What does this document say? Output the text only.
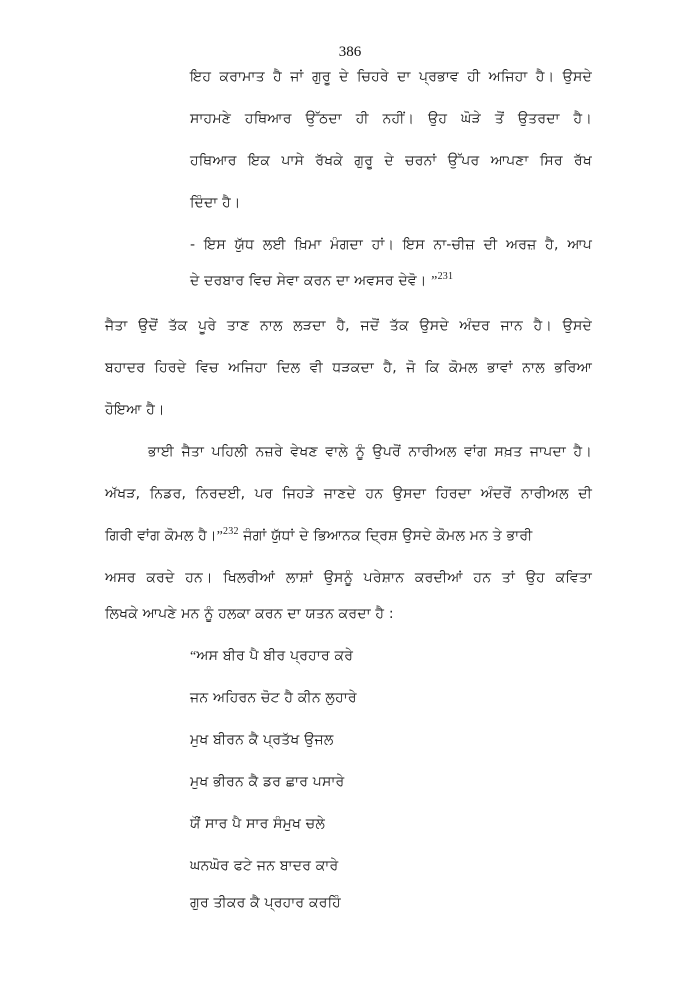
386
ਇਹ ਕਰਾਮਾਤ ਹੈ ਜਾਂ ਗੁਰੂ ਦੇ ਚਿਹਰੇ ਦਾ ਪ੍ਰਭਾਵ ਹੀ ਅਜਿਹਾ ਹੈ। ਉਸਦੇ
ਸਾਹਮਣੇ ਹਥਿਆਰ ਉੱਠਦਾ ਹੀ ਨਹੀਂ। ਉਹ ਘੋੜੇ ਤੋਂ ਉਤਰਦਾ ਹੈ।
ਹਥਿਆਰ ਇਕ ਪਾਸੇ ਰੱਖਕੇ ਗੁਰੂ ਦੇ ਚਰਨਾਂ ਉੱਪਰ ਆਪਣਾ ਸਿਰ ਰੱਖ
ਦਿੰਦਾ ਹੈ।
- ਇਸ ਯੁੱਧ ਲਈ ਖ਼ਿਮਾ ਮੰਗਦਾ ਹਾਂ। ਇਸ ਨਾ-ਚੀਜ਼ ਦੀ ਅਰਜ਼ ਹੈ, ਆਪ
ਦੇ ਦਰਬਾਰ ਵਿਚ ਸੇਵਾ ਕਰਨ ਦਾ ਅਵਸਰ ਦੇਵੋ। ”$^{231}$
ਜੈਤਾ ਉਦੋਂ ਤੱਕ ਪੂਰੇ ਤਾਣ ਨਾਲ ਲੜਦਾ ਹੈ, ਜਦੋਂ ਤੱਕ ਉਸਦੇ ਅੰਦਰ ਜਾਨ ਹੈ। ਉਸਦੇ
ਬਹਾਦਰ ਹਿਰਦੇ ਵਿਚ ਅਜਿਹਾ ਦਿਲ ਵੀ ਧੜਕਦਾ ਹੈ, ਜੋ ਕਿ ਕੋਮਲ ਭਾਵਾਂ ਨਾਲ ਭਰਿਆ
ਹੋਇਆ ਹੈ।
ਭਾਈ ਜੈਤਾ ਪਹਿਲੀ ਨਜ਼ਰੇ ਵੇਖਣ ਵਾਲੇ ਨੂੰ ਉਪਰੋਂ ਨਾਰੀਅਲ ਵਾਂਗ ਸਖ਼ਤ ਜਾਪਦਾ ਹੈ।
ਅੱਖੜ, ਨਿਡਰ, ਨਿਰਦਈ, ਪਰ ਜਿਹੜੇ ਜਾਣਦੇ ਹਨ ਉਸਦਾ ਹਿਰਦਾ ਅੰਦਰੋਂ ਨਾਰੀਅਲ ਦੀ
ਗਿਰੀ ਵਾਂਗ ਕੋਮਲ ਹੈ।”$^{232}$ ਜੰਗਾਂ ਯੁੱਧਾਂ ਦੇ ਭਿਆਨਕ ਦ੍ਰਿਸ਼ ਉਸਦੇ ਕੋਮਲ ਮਨ ਤੇ ਭਾਰੀ
ਅਸਰ ਕਰਦੇ ਹਨ। ਖਿਲਰੀਆਂ ਲਾਸ਼ਾਂ ਉਸਨੂੰ ਪਰੇਸ਼ਾਨ ਕਰਦੀਆਂ ਹਨ ਤਾਂ ਉਹ ਕਵਿਤਾ
ਲਿਖਕੇ ਆਪਣੇ ਮਨ ਨੂੰ ਹਲਕਾ ਕਰਨ ਦਾ ਯਤਨ ਕਰਦਾ ਹੈ :
“ਅਸ ਬੀਰ ਪੈ ਬੀਰ ਪ੍ਰਹਾਰ ਕਰੇ
ਜਨ ਅਹਿਰਨ ਚੋਟ ਹੈ ਕੀਨ ਲੁਹਾਰੇ
ਮੁਖ ਬੀਰਨ ਕੈ ਪ੍ਰਤੱਖ ਉਜਲ
ਮੁਖ ਭੀਰਨ ਕੈ ਡਰ ਛਾਰ ਪਸਾਰੇ
ਯੌਂ ਸਾਰ ਪੈ ਸਾਰ ਸੰਮੁਖ ਚਲੇ
ਘਨਘੋਰ ਫਟੇ ਜਨ ਬਾਦਰ ਕਾਰੇ
ਗੁਰ ਤੀਕਰ ਕੈ ਪ੍ਰਹਾਰ ਕਰਹਿੰ
